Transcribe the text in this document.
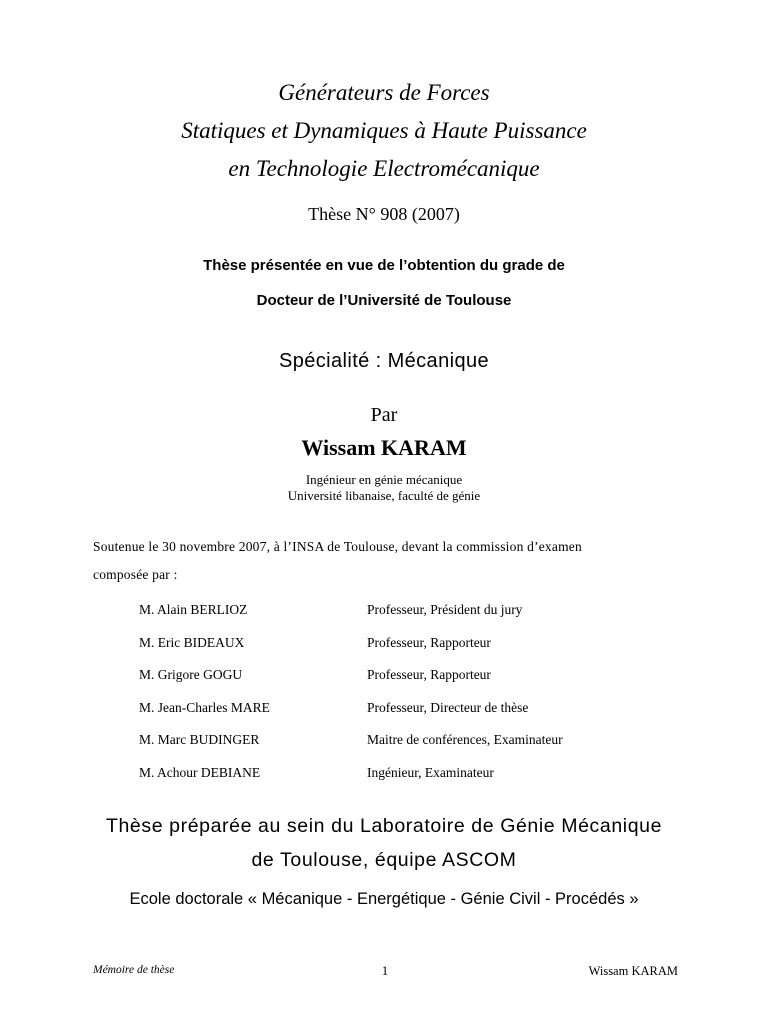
Générateurs de Forces
Statiques et Dynamiques à Haute Puissance
en Technologie Electromécanique
Thèse N° 908 (2007)
Thèse présentée en vue de l’obtention du grade de
Docteur de l’Université de Toulouse
Spécialité : Mécanique
Par
Wissam KARAM
Ingénieur en génie mécanique
Université libanaise, faculté de génie
Soutenue le 30 novembre 2007, à l’INSA de Toulouse, devant la commission d’examen
composée par :
M. Alain BERLIOZ	Professeur, Président du jury
M. Eric BIDEAUX	Professeur, Rapporteur
M. Grigore GOGU	Professeur, Rapporteur
M. Jean-Charles MARE	Professeur, Directeur de thèse
M. Marc BUDINGER	Maitre de conférences, Examinateur
M. Achour DEBIANE	Ingénieur, Examinateur
Thèse préparée au sein du Laboratoire de Génie Mécanique
de Toulouse, équipe ASCOM
Ecole doctorale « Mécanique - Energétique - Génie Civil - Procédés »
Mémoire de thèse	1	Wissam KARAM
